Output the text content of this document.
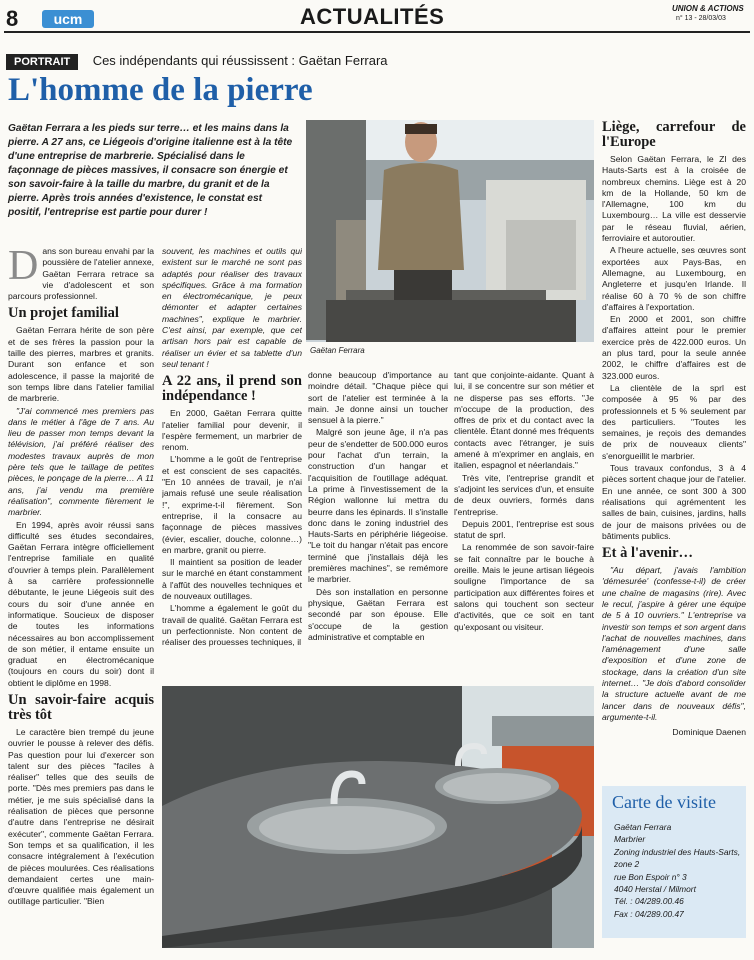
8	ucm	ACTUALITÉS	UNION & ACTIONS
n° 13 - 28/03/03
PORTRAIT Ces indépendants qui réussissent : Gaëtan Ferrara
L'homme de la pierre
Gaëtan Ferrara a les pieds sur terre… et les mains dans la pierre. A 27 ans, ce Liégeois d'origine italienne est à la tête d'une entreprise de marbrerie. Spécialisé dans le façonnage de pièces massives, il consacre son énergie et son savoir-faire à la taille du marbre, du granit et de la pierre. Après trois années d'existence, le constat est positif, l'entreprise est partie pour durer !
Gaëtan Ferrara
D ans son bureau envahi par la poussière de l'atelier annexe, Gaëtan Ferrara retrace sa vie d'adolescent et son parcours professionnel.
Un projet familial

Gaëtan Ferrara hérite de son père et de ses frères la passion pour la taille des pierres, marbres et granits. Durant son enfance et son adolescence, il passe la majorité de son temps libre dans l'atelier familial de marbrerie.

"J'ai commencé mes premiers pas dans le métier à l'âge de 7 ans. Au lieu de passer mon temps devant la télévision, j'ai préféré réaliser des modestes travaux auprès de mon père tels que le taillage de petites pièces, le ponçage de la pierre… A 11 ans, j'ai vendu ma première réalisation", commente fièrement le marbrier.

En 1994, après avoir réussi sans difficulté ses études secondaires, Gaëtan Ferrara intègre officiellement l'entreprise familiale en qualité d'ouvrier à temps plein. Parallèlement à sa carrière professionnelle débutante, le jeune Liégeois suit des cours du soir d'une année en informatique. Soucieux de disposer de toutes les informations nécessaires au bon accomplissement de son métier, il entame ensuite un graduat en électromécanique (toujours en cours du soir) dont il obtient le diplôme en 1998.

Un savoir-faire acquis très tôt

Le caractère bien trempé du jeune ouvrier le pousse à relever des défis. Pas question pour lui d'exercer son talent sur des pièces "faciles à réaliser" telles que des seuils de porte. "Dès mes premiers pas dans le métier, je me suis spécialisé dans la réalisation de pièces que personne d'autre dans l'entreprise ne désirait exécuter", commente Gaëtan Ferrara. Son temps et sa qualification, il les consacre intégralement à l'exécution de pièces moulurées. Ces réalisations demandaient certes une main-d'œuvre qualifiée mais également un outillage particulier. "Bien

souvent, les machines et outils qui existent sur le marché ne sont pas adaptés pour réaliser des travaux spécifiques. Grâce à ma formation en électromécanique, je peux démonter et adapter certaines machines", explique le marbrier. C'est ainsi, par exemple, que cet artisan hors pair est capable de réaliser un évier et sa tablette d'un seul tenant !

A 22 ans, il prend son indépendance !

En 2000, Gaëtan Ferrara quitte l'atelier familial pour devenir, il l'espère fermement, un marbrier de renom.

L'homme a le goût de l'entreprise et est conscient de ses capacités. "En 10 années de travail, je n'ai jamais refusé une seule réalisation !", exprime-t-il fièrement. Son entreprise, il la consacre au façonnage de pièces massives (évier, escalier, douche, colonne…) en marbre, granit ou pierre.

Il maintient sa position de leader sur le marché en étant constamment à l'affût des nouvelles techniques et de nouveaux outillages.

L'homme a également le goût du travail de qualité. Gaëtan Ferrara est un perfectionniste. Non content de réaliser des prouesses techniques, il

donne beaucoup d'importance au moindre détail. "Chaque pièce qui sort de l'atelier est terminée à la main. Je donne ainsi un toucher sensuel à la pierre."

Malgré son jeune âge, il n'a pas peur de s'endetter de 500.000 euros pour l'achat d'un terrain, la construction d'un hangar et l'acquisition de l'outillage adéquat. La prime à l'investissement de la Région wallonne lui mettra du beurre dans les épinards. Il s'installe donc dans le zoning industriel des Hauts-Sarts en périphérie liégeoise. "Le toit du hangar n'était pas encore terminé que j'installais déjà les premières machines", se remémore le marbrier.

Dès son installation en personne physique, Gaëtan Ferrara est secondé par son épouse. Elle s'occupe de la gestion administrative et comptable en

tant que conjointe-aidante. Quant à lui, il se concentre sur son métier et ne disperse pas ses efforts. "Je m'occupe de la production, des offres de prix et du contact avec la clientèle. Étant donné mes fréquents contacts avec l'étranger, je suis amené à m'exprimer en anglais, en italien, espagnol et néerlandais."

Très vite, l'entreprise grandit et s'adjoint les services d'un, et ensuite de deux ouvriers, formés dans l'entreprise.

Depuis 2001, l'entreprise est sous statut de sprl.

La renommée de son savoir-faire se fait connaître par le bouche à oreille. Mais le jeune artisan liégeois souligne l'importance de sa participation aux différentes foires et salons qui touchent son secteur d'activités, que ce soit en tant qu'exposant ou visiteur.

Liège, carrefour de l'Europe

Selon Gaëtan Ferrara, le ZI des Hauts-Sarts est à la croisée de nombreux chemins. Liège est à 20 km de la Hollande, 50 km de l'Allemagne, 100 km du Luxembourg… La ville est desservie par le réseau fluvial, aérien, ferroviaire et autoroutier.

A l'heure actuelle, ses œuvres sont exportées aux Pays-Bas, en Allemagne, au Luxembourg, en Angleterre et jusqu'en Irlande. Il réalise 60 à 70 % de son chiffre d'affaires à l'exportation.

En 2000 et 2001, son chiffre d'affaires atteint pour le premier exercice près de 422.000 euros. Un an plus tard, pour la seule année 2002, le chiffre d'affaires est de 323.000 euros.

La clientèle de la sprl est composée à 95 % par des professionnels et 5 % seulement par des particuliers. "Toutes les semaines, je reçois des demandes de prix de nouveaux clients" s'enorgueillit le marbrier.

Tous travaux confondus, 3 à 4 pièces sortent chaque jour de l'atelier. En une année, ce sont 300 à 300 réalisations qui agrémentent les salles de bain, cuisines, jardins, halls de jour de maisons privées ou de bâtiments publics.

Et à l'avenir…

"Au départ, j'avais l'ambition 'démesurée' (confesse-t-il) de créer une chaîne de magasins (rire). Avec le recul, j'aspire à gérer une équipe de 5 à 10 ouvriers." L'entreprise va investir son temps et son argent dans l'achat de nouvelles machines, dans l'aménagement d'une salle d'exposition et d'une zone de stockage, dans la création d'un site internet… "Je dois d'abord consolider la structure actuelle avant de me lancer dans de nouveaux défis", argumente-t-il.

Dominique Daenen
Carte de visite
Gaëtan Ferrara
Marbrier
Zoning industriel des Hauts-Sarts, zone 2
rue Bon Espoir n° 3
4040 Herstal / Milmort
Tél. : 04/289.00.46
Fax : 04/289.00.47
